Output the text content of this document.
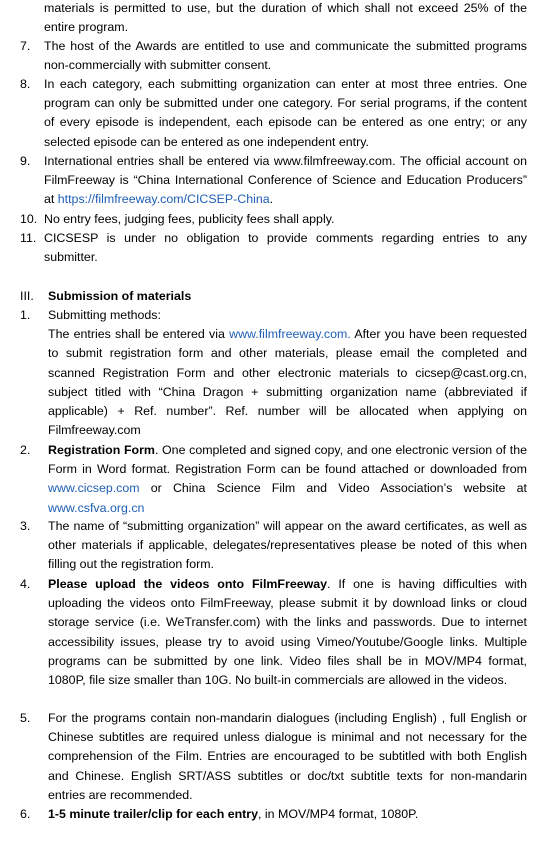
materials is permitted to use, but the duration of which shall not exceed 25% of the entire program.
7.	The host of the Awards are entitled to use and communicate the submitted programs non-commercially with submitter consent.
8.	In each category, each submitting organization can enter at most three entries. One program can only be submitted under one category. For serial programs, if the content of every episode is independent, each episode can be entered as one entry; or any selected episode can be entered as one independent entry.
9.	International entries shall be entered via www.filmfreeway.com. The official account on FilmFreeway is “China International Conference of Science and Education Producers” at https://filmfreeway.com/CICSEP-China.
10. No entry fees, judging fees, publicity fees shall apply.
11. CICSESP is under no obligation to provide comments regarding entries to any submitter.
III.	Submission of materials
1.	Submitting methods:
The entries shall be entered via www.filmfreeway.com. After you have been requested to submit registration form and other materials, please email the completed and scanned Registration Form and other electronic materials to cicsep@cast.org.cn, subject titled with “China Dragon + submitting organization name (abbreviated if applicable) + Ref. number”. Ref. number will be allocated when applying on Filmfreeway.com
2.	Registration Form. One completed and signed copy, and one electronic version of the Form in Word format. Registration Form can be found attached or downloaded from www.cicsep.com or China Science Film and Video Association’s website at www.csfva.org.cn
3.	The name of “submitting organization” will appear on the award certificates, as well as other materials if applicable, delegates/representatives please be noted of this when filling out the registration form.
4.	Please upload the videos onto FilmFreeway. If one is having difficulties with uploading the videos onto FilmFreeway, please submit it by download links or cloud storage service (i.e. WeTransfer.com) with the links and passwords. Due to internet accessibility issues, please try to avoid using Vimeo/Youtube/Google links. Multiple programs can be submitted by one link. Video files shall be in MOV/MP4 format, 1080P, file size smaller than 10G. No built-in commercials are allowed in the videos.
5.	For the programs contain non-mandarin dialogues (including English) , full English or Chinese subtitles are required unless dialogue is minimal and not necessary for the comprehension of the Film. Entries are encouraged to be subtitled with both English and Chinese. English SRT/ASS subtitles or doc/txt subtitle texts for non-mandarin entries are recommended.
6.	1-5 minute trailer/clip for each entry, in MOV/MP4 format, 1080P.
